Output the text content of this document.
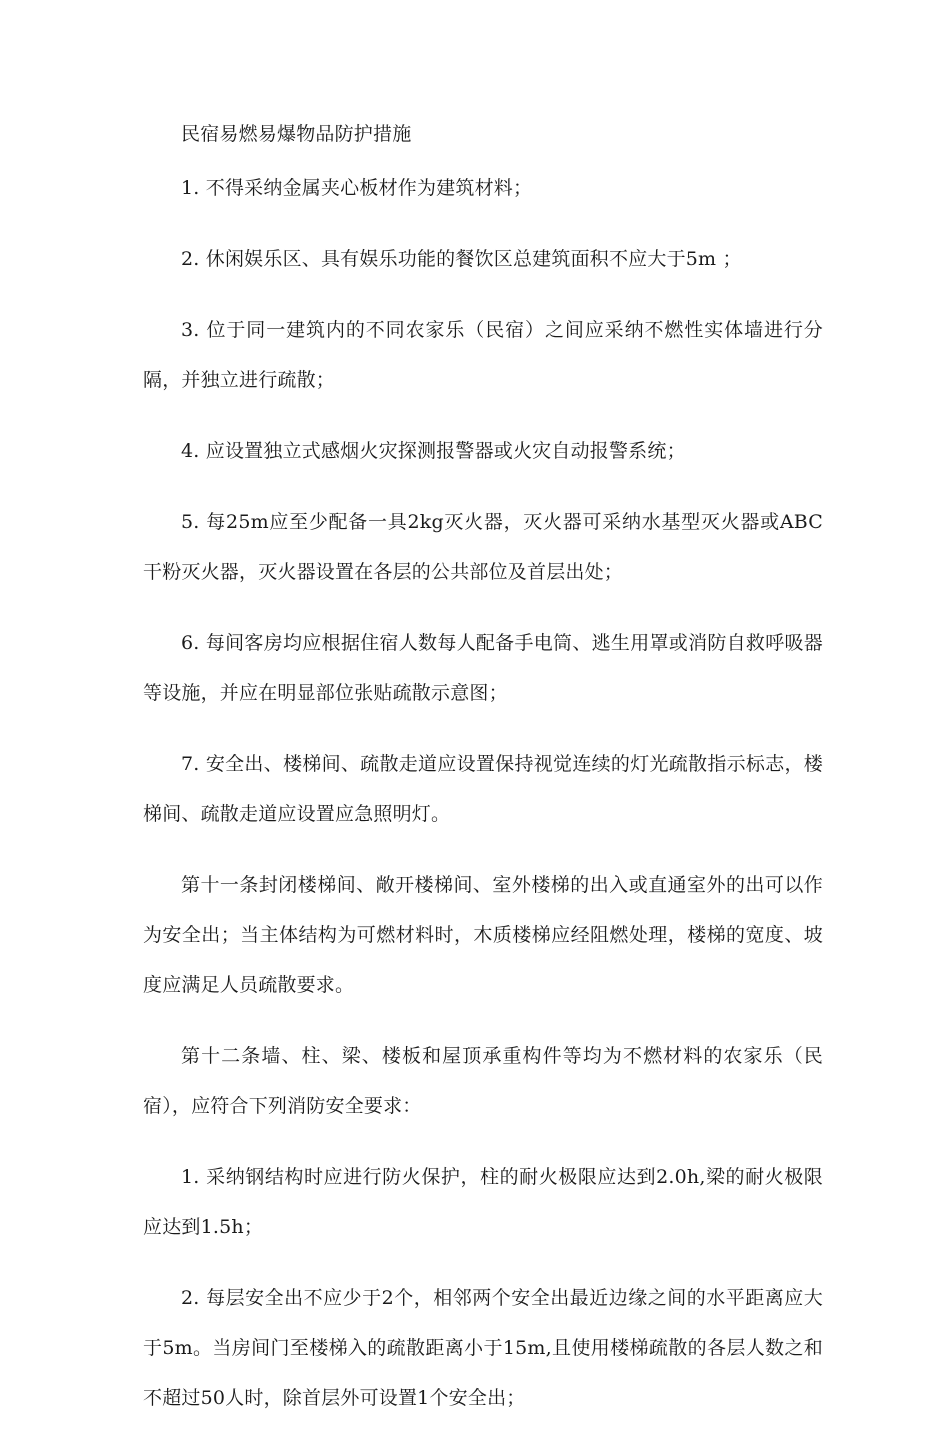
民宿易燃易爆物品防护措施

1. 不得采纳金属夹心板材作为建筑材料；

2. 休闲娱乐区、具有娱乐功能的餐饮区总建筑面积不应大于5m ；

3. 位于同一建筑内的不同农家乐（民宿）之间应采纳不燃性实体墙进行分隔，并独立进行疏散；

4. 应设置独立式感烟火灾探测报警器或火灾自动报警系统；

5. 每25m应至少配备一具2kg灭火器，灭火器可采纳水基型灭火器或ABC干粉灭火器，灭火器设置在各层的公共部位及首层出处；

6. 每间客房均应根据住宿人数每人配备手电筒、逃生用罩或消防自救呼吸器等设施，并应在明显部位张贴疏散示意图；

7. 安全出、楼梯间、疏散走道应设置保持视觉连续的灯光疏散指示标志，楼梯间、疏散走道应设置应急照明灯。

第十一条封闭楼梯间、敞开楼梯间、室外楼梯的出入或直通室外的出可以作为安全出；当主体结构为可燃材料时，木质楼梯应经阻燃处理，楼梯的宽度、坡度应满足人员疏散要求。

第十二条墙、柱、梁、楼板和屋顶承重构件等均为不燃材料的农家乐（民宿），应符合下列消防安全要求：

1. 采纳钢结构时应进行防火保护，柱的耐火极限应达到2.0h,梁的耐火极限应达到1.5h；

2. 每层安全出不应少于2个，相邻两个安全出最近边缘之间的水平距离应大于5m。当房间门至楼梯入的疏散距离小于15m,且使用楼梯疏散的各层人数之和不超过50人时，除首层外可设置1个安全出；
